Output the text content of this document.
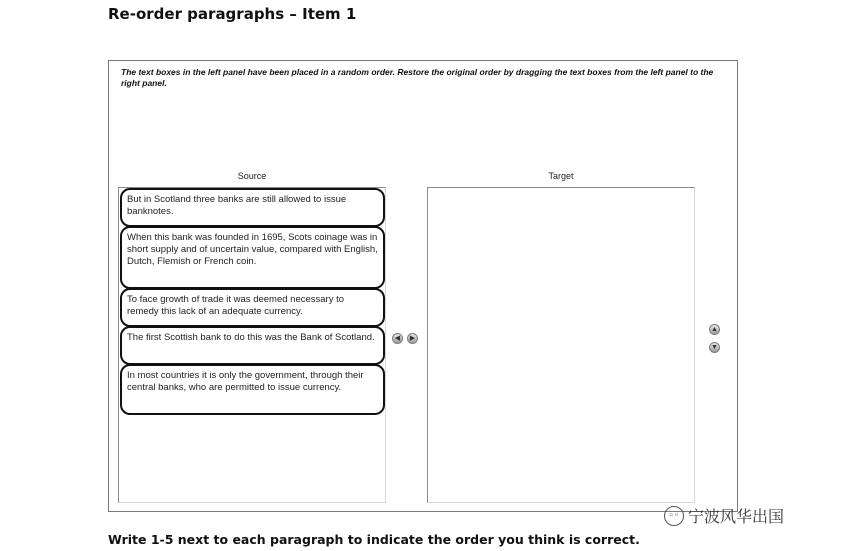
Re-order paragraphs – Item 1

The text boxes in the left panel have been placed in a random order. Restore the original order by dragging the text boxes from the left panel to the right panel.

Source	Target
But in Scotland three banks are still allowed to issue banknotes.
When this bank was founded in 1695, Scots coinage was in short supply and of uncertain value, compared with English, Dutch, Flemish or French coin.
To face growth of trade it was deemed necessary to remedy this lack of an adequate currency.
The first Scottish bank to do this was the Bank of Scotland.
In most countries it is only the government, through their central banks, who are permitted to issue currency.
◀ ▶
▲
▼

Write 1-5 next to each paragraph to indicate the order you think is correct.

◦◦ 宁波风华出国
